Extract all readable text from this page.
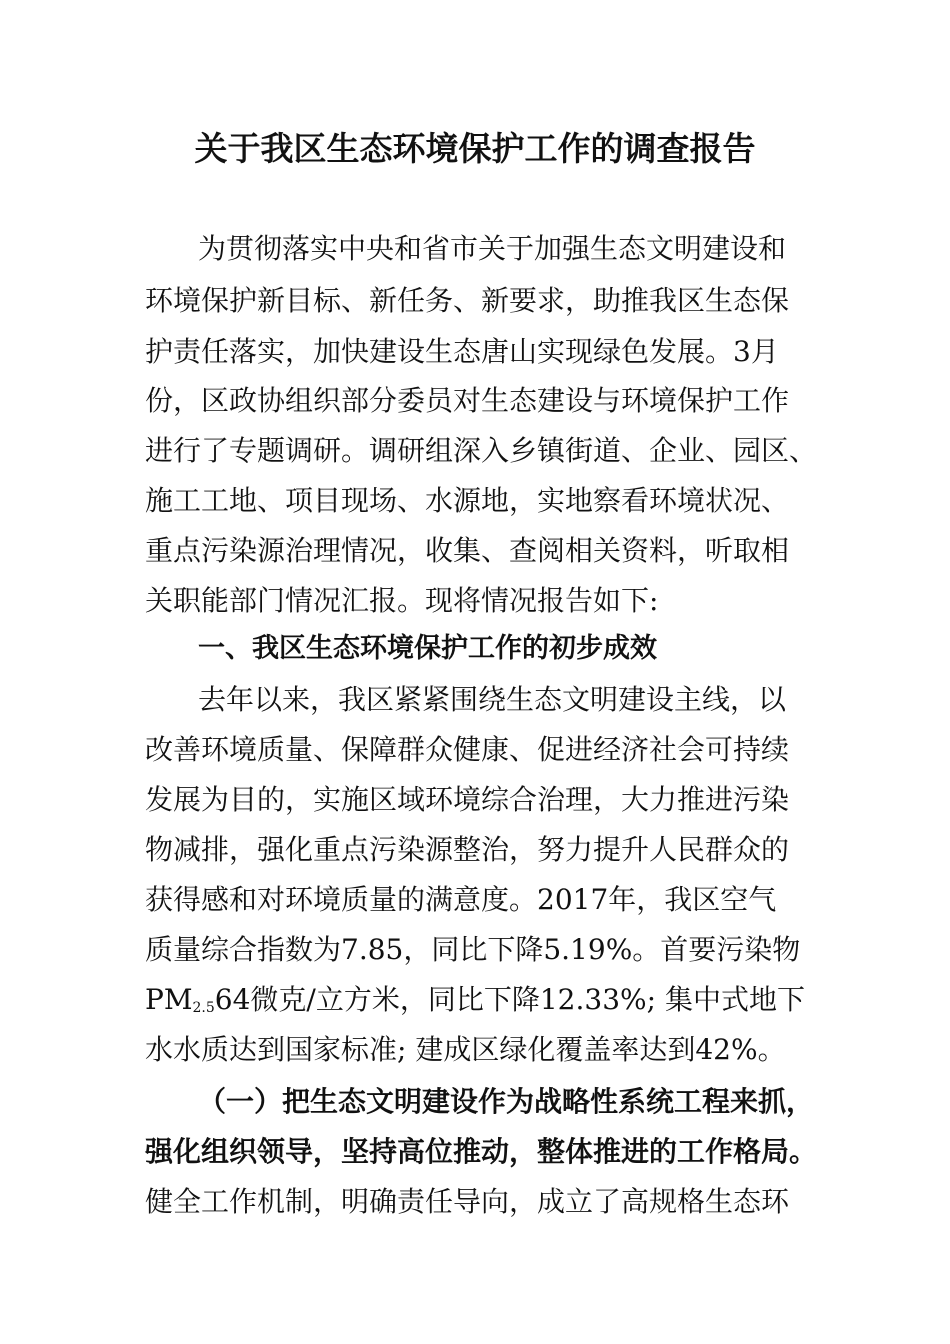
关于我区生态环境保护工作的调查报告
为贯彻落实中央和省市关于加强生态文明建设和
环境保护新目标、新任务、新要求，助推我区生态保
护责任落实，加快建设生态唐山实现绿色发展。3月
份，区政协组织部分委员对生态建设与环境保护工作
进行了专题调研。调研组深入乡镇街道、企业、园区、
施工工地、项目现场、水源地，实地察看环境状况、
重点污染源治理情况，收集、查阅相关资料，听取相
关职能部门情况汇报。现将情况报告如下:
一、我区生态环境保护工作的初步成效
去年以来，我区紧紧围绕生态文明建设主线，以
改善环境质量、保障群众健康、促进经济社会可持续
发展为目的，实施区域环境综合治理，大力推进污染
物减排，强化重点污染源整治，努力提升人民群众的
获得感和对环境质量的满意度。2017年，我区空气
质量综合指数为7.85，同比下降5.19%。首要污染物
PM2.564微克/立方米，同比下降12.33%; 集中式地下
水水质达到国家标准; 建成区绿化覆盖率达到42%。
（一）把生态文明建设作为战略性系统工程来抓，
强化组织领导，坚持高位推动，整体推进的工作格局。
健全工作机制，明确责任导向，成立了高规格生态环
